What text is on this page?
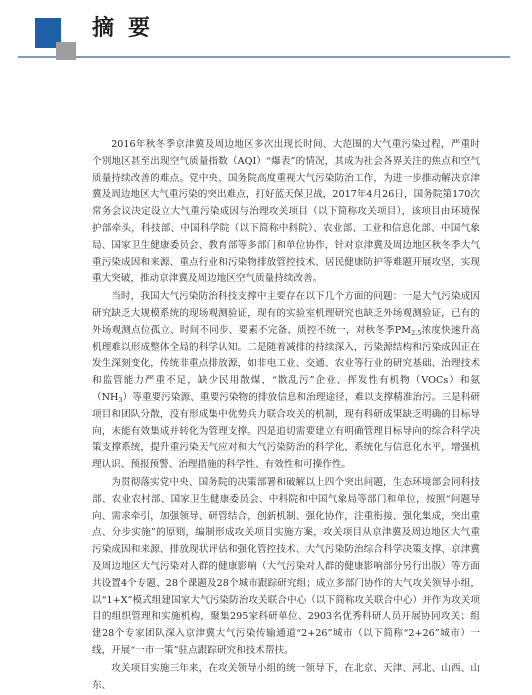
摘要

2016年秋冬季京津冀及周边地区多次出现长时间、大范围的大气重污染过程，严重时个别地区甚至出现空气质量指数（AQI）“爆表”的情况，其成为社会各界关注的焦点和空气质量持续改善的难点。党中央、国务院高度重视大气污染防治工作，为进一步推动解决京津冀及周边地区大气重污染的突出难点，打好蓝天保卫战，2017年4月26日，国务院第170次常务会议决定设立大气重污染成因与治理攻关项目（以下简称攻关项目），该项目由环境保护部牵头，科技部、中国科学院（以下简称中科院）、农业部、工业和信息化部、中国气象局、国家卫生健康委员会、教育部等多部门和单位协作，针对京津冀及周边地区秋冬季大气重污染成因和来源、重点行业和污染物排放管控技术、居民健康防护等难题开展攻坚，实现重大突破，推动京津冀及周边地区空气质量持续改善。

当时，我国大气污染防治科技支撑中主要存在以下几个方面的问题：一是大气污染成因研究缺乏大规模系统的现场观测验证，现有的实验室机理研究也缺乏外场观测验证，已有的外场观测点位孤立、时间不同步、要素不完备、质控不统一，对秋冬季$PM_{2.5}$浓度快速升高机理难以形成整体全局的科学认知。二是随着减排的持续深入，污染源结构和污染成因正在发生深刻变化，传统非重点排放源，如非电工业、交通、农业等行业的研究基础、治理技术和监管能力严重不足，缺少民用散煤、“散乱污”企业、挥发性有机物（VOCs）和氨$(NH_3)$等重要污染源、重要污染物的排放信息和治理途径，难以支撑精准治污。三是科研项目和团队分散，没有形成集中优势兵力联合攻关的机制，现有科研成果缺乏明确的目标导向，未能有效集成并转化为管理支撑。四是追切需要建立有明确管理目标导向的综合科学决策支撑系统，提升重污染天气应对和大气污染防治的科学化、系统化与信息化水平，增强机理认识、预报预警、治理措施的科学性、有效性和可操作性。

为贯彻落实党中央、国务院的决策部署和破解以上四个突出问题，生态环境部会同科技部、农业农村部、国家卫生健康委员会、中科院和中国气象局等部门和单位，按照“问题导向、需求牵引，加强领导、研管结合，创新机制、强化协作，注重衔接、强化集成，突出重点、分步实施”的原则，编制形成攻关项目实施方案，攻关项目从京津冀及周边地区大气重污染成因和来源、排放现状评估和强化管控技术、大气污染防治综合科学决策支撑、京津冀及周边地区大气污染对人群的健康影响（大气污染对人群的健康影响部分另行出版）等方面共设置4个专题、28个课题及28个城市跟踪研究组；成立多部门协作的大气攻关领导小组，以“1+X”模式组建国家大气污染防治攻关联合中心（以下简称攻关联合中心）并作为攻关项目的组织管理和实施机构，聚集295家科研单位、2903名优秀科研人员开展协同攻关；组建28个专家团队深入京津冀大气污染传输通道“2+26”城市（以下简称“2+26”城市）一线，开展“一市一策”驻点跟踪研究和技术帮扶。

攻关项目实施三年来，在攻关领导小组的统一领导下，在北京、天津、河北、山西、山东、
